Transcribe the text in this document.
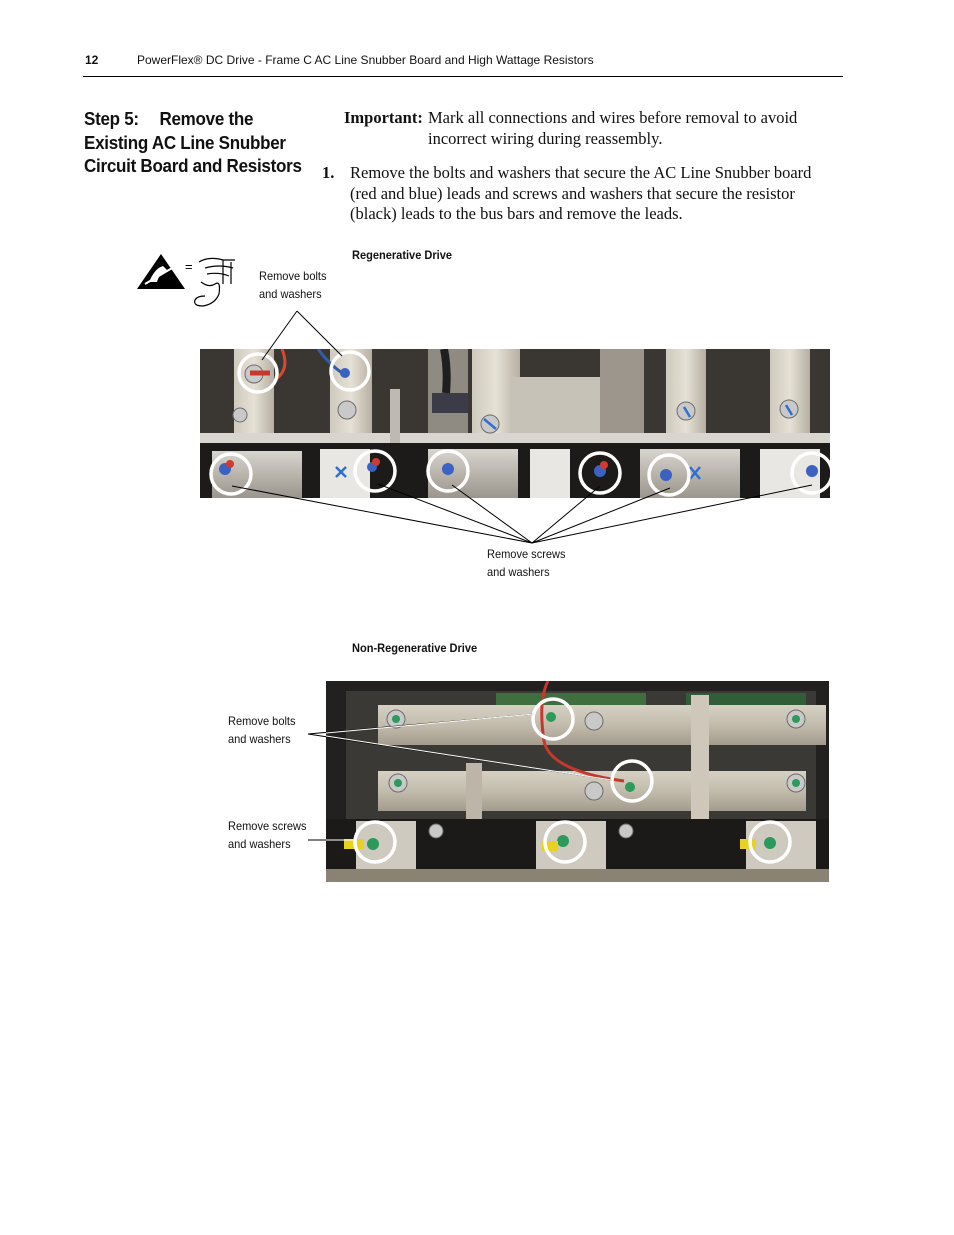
12	PowerFlex® DC Drive - Frame C AC Line Snubber Board and High Wattage Resistors
Step 5: Remove the
Existing AC Line Snubber
Circuit Board and Resistors
Important: Mark all connections and wires before removal to avoid incorrect wiring during reassembly.
1. Remove the bolts and washers that secure the AC Line Snubber board (red and blue) leads and screws and washers that secure the resistor (black) leads to the bus bars and remove the leads.
=
Regenerative Drive
Remove bolts
and washers
Remove screws
and washers
Non-Regenerative Drive
Remove bolts
and washers
Remove screws
and washers
